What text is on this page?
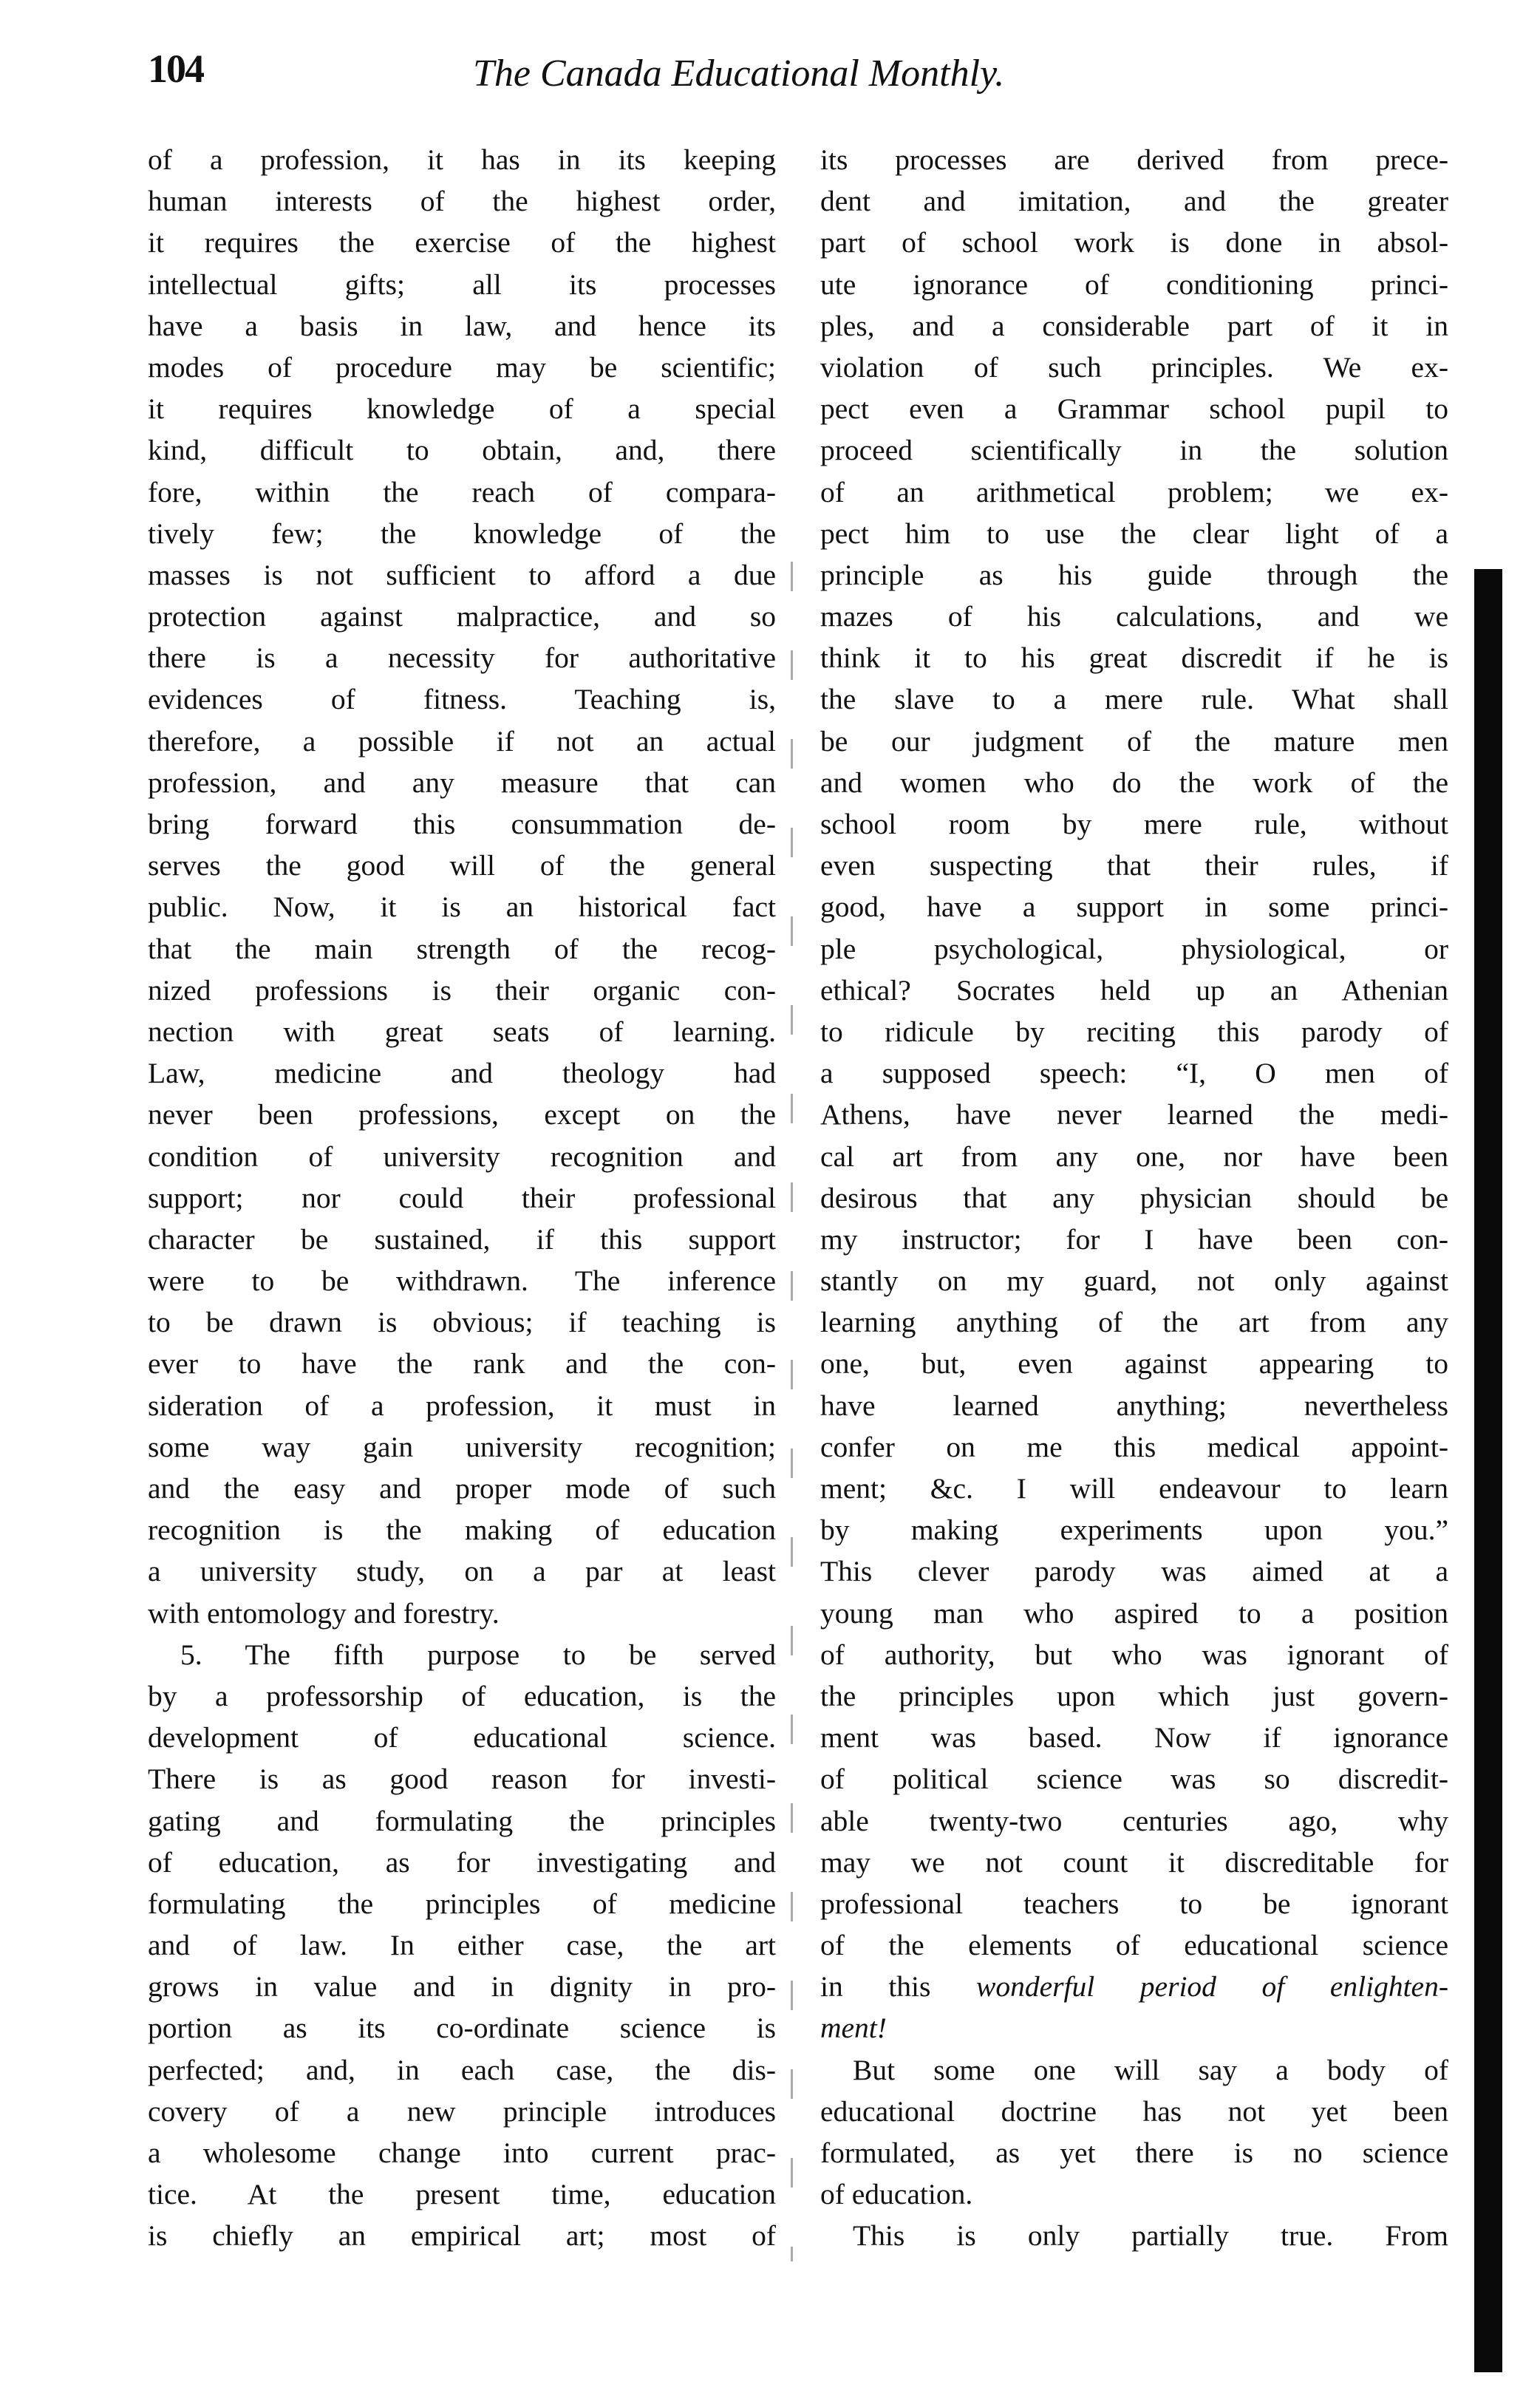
104	The Canada Educational Monthly.
of a profession, it has in its keeping
human interests of the highest order,
it requires the exercise of the highest
intellectual gifts; all its processes
have a basis in law, and hence its
modes of procedure may be scientific;
it requires knowledge of a special
kind, difficult to obtain, and, there
fore, within the reach of compara-
tively few; the knowledge of the
masses is not sufficient to afford a due
protection against malpractice, and so
there is a necessity for authoritative
evidences of fitness. Teaching is,
therefore, a possible if not an actual
profession, and any measure that can
bring forward this consummation de-
serves the good will of the general
public. Now, it is an historical fact
that the main strength of the recog-
nized professions is their organic con-
nection with great seats of learning.
Law, medicine and theology had
never been professions, except on the
condition of university recognition and
support; nor could their professional
character be sustained, if this support
were to be withdrawn. The inference
to be drawn is obvious; if teaching is
ever to have the rank and the con-
sideration of a profession, it must in
some way gain university recognition;
and the easy and proper mode of such
recognition is the making of education
a university study, on a par at least
with entomology and forestry.
5. The fifth purpose to be served
by a professorship of education, is the
development of educational science.
There is as good reason for investi-
gating and formulating the principles
of education, as for investigating and
formulating the principles of medicine
and of law. In either case, the art
grows in value and in dignity in pro-
portion as its co-ordinate science is
perfected; and, in each case, the dis-
covery of a new principle introduces
a wholesome change into current prac-
tice. At the present time, education
is chiefly an empirical art; most of
its processes are derived from prece-
dent and imitation, and the greater
part of school work is done in absol-
ute ignorance of conditioning princi-
ples, and a considerable part of it in
violation of such principles. We ex-
pect even a Grammar school pupil to
proceed scientifically in the solution
of an arithmetical problem; we ex-
pect him to use the clear light of a
principle as his guide through the
mazes of his calculations, and we
think it to his great discredit if he is
the slave to a mere rule. What shall
be our judgment of the mature men
and women who do the work of the
school room by mere rule, without
even suspecting that their rules, if
good, have a support in some princi-
ple psychological, physiological, or
ethical? Socrates held up an Athenian
to ridicule by reciting this parody of
a supposed speech: “I, O men of
Athens, have never learned the medi-
cal art from any one, nor have been
desirous that any physician should be
my instructor; for I have been con-
stantly on my guard, not only against
learning anything of the art from any
one, but, even against appearing to
have learned anything; nevertheless
confer on me this medical appoint-
ment; &c. I will endeavour to learn
by making experiments upon you.”
This clever parody was aimed at a
young man who aspired to a position
of authority, but who was ignorant of
the principles upon which just govern-
ment was based. Now if ignorance
of political science was so discredit-
able twenty-two centuries ago, why
may we not count it discreditable for
professional teachers to be ignorant
of the elements of educational science
in this wonderful period of enlighten-
ment!
But some one will say a body of
educational doctrine has not yet been
formulated, as yet there is no science
of education.
This is only partially true. From
